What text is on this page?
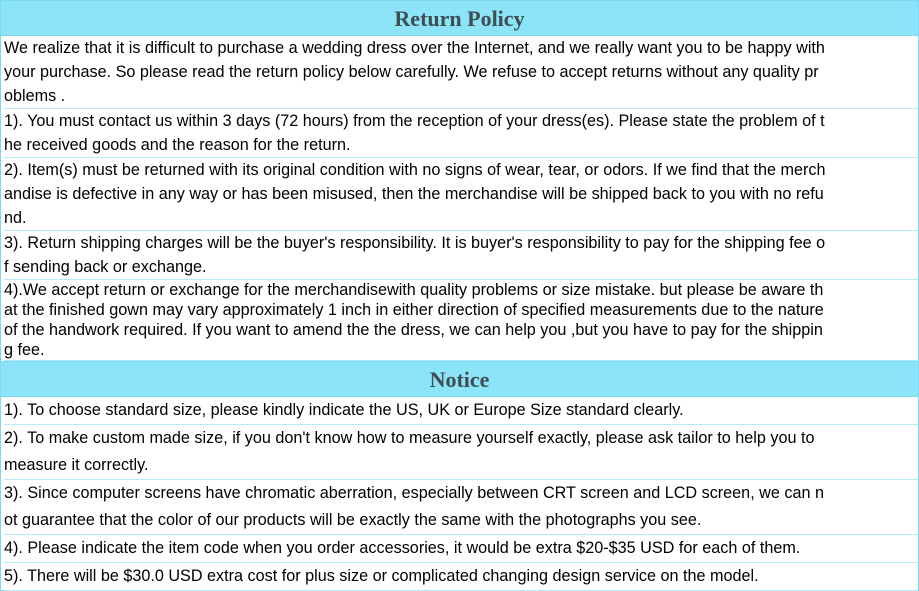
Return Policy
We realize that it is difficult to purchase a wedding dress over the Internet, and we really want you to be happy with
your purchase. So please read the return policy below carefully. We refuse to accept returns without any quality pr
oblems .
1). You must contact us within 3 days (72 hours) from the reception of your dress(es). Please state the problem of t
he received goods and the reason for the return.
2). Item(s) must be returned with its original condition with no signs of wear, tear, or odors. If we find that the merch
andise is defective in any way or has been misused, then the merchandise will be shipped back to you with no refu
nd.
3). Return shipping charges will be the buyer's responsibility. It is buyer's responsibility to pay for the shipping fee o
f sending back or exchange.
4).We accept return or exchange for the merchandisewith quality problems or size mistake. but please be aware th
at the finished gown may vary approximately 1 inch in either direction of specified measurements due to the nature
of the handwork required. If you want to amend the the dress, we can help you ,but you have to pay for the shippin
g fee.
Notice
1). To choose standard size, please kindly indicate the US, UK or Europe Size standard clearly.
2). To make custom made size, if you don't know how to measure yourself exactly, please ask tailor to help you to
measure it correctly.
3). Since computer screens have chromatic aberration, especially between CRT screen and LCD screen, we can n
ot guarantee that the color of our products will be exactly the same with the photographs you see.
4). Please indicate the item code when you order accessories, it would be extra $20-$35 USD for each of them.
5). There will be $30.0 USD extra cost for plus size or complicated changing design service on the model.
